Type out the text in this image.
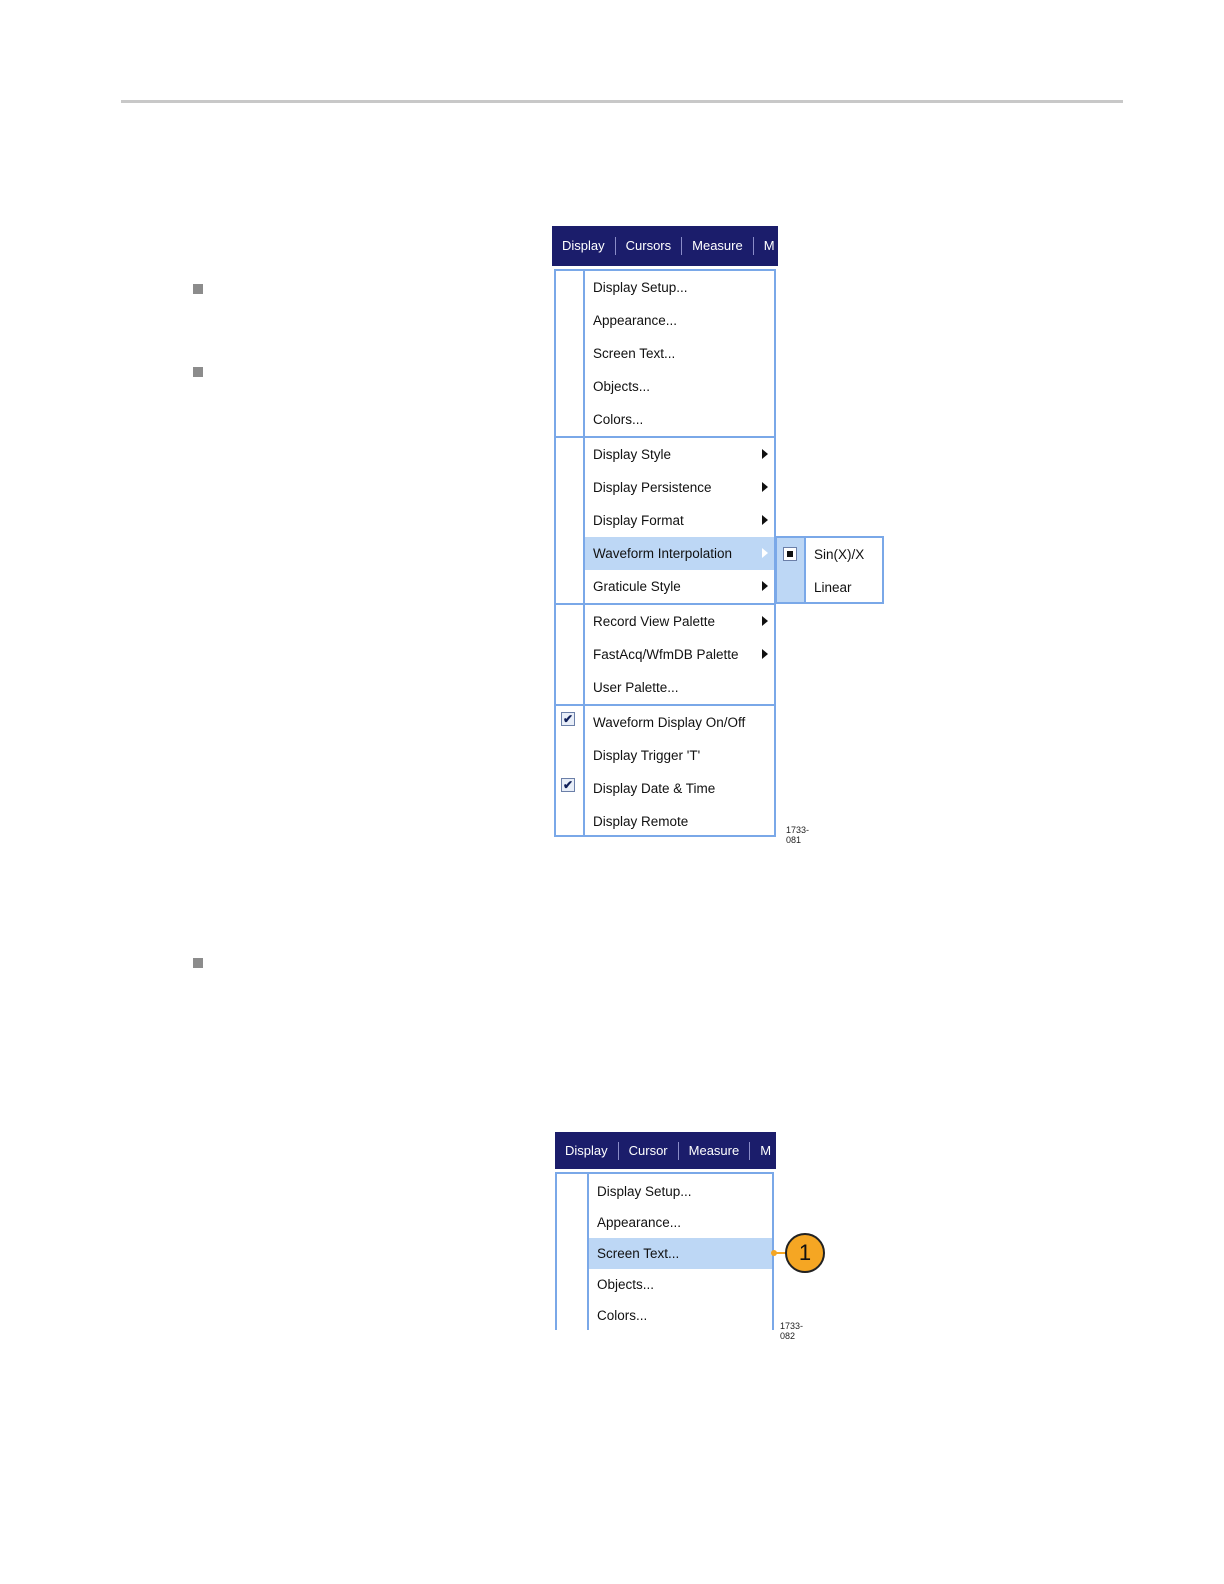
Display	Cursors	Measure	M
Display Setup...
Appearance...
Screen Text...
Objects...
Colors...
Display Style
Display Persistence
Display Format
Waveform Interpolation
Graticule Style
Record View Palette
FastAcq/WfmDB Palette
User Palette...
✔	Waveform Display On/Off
Display Trigger 'T'
✔	Display Date & Time
Display Remote
Sin(X)/X
Linear
1733-081
Display	Cursor	Measure	M
Display Setup...
Appearance...
Screen Text...
Objects...
Colors...
1
1733-082
